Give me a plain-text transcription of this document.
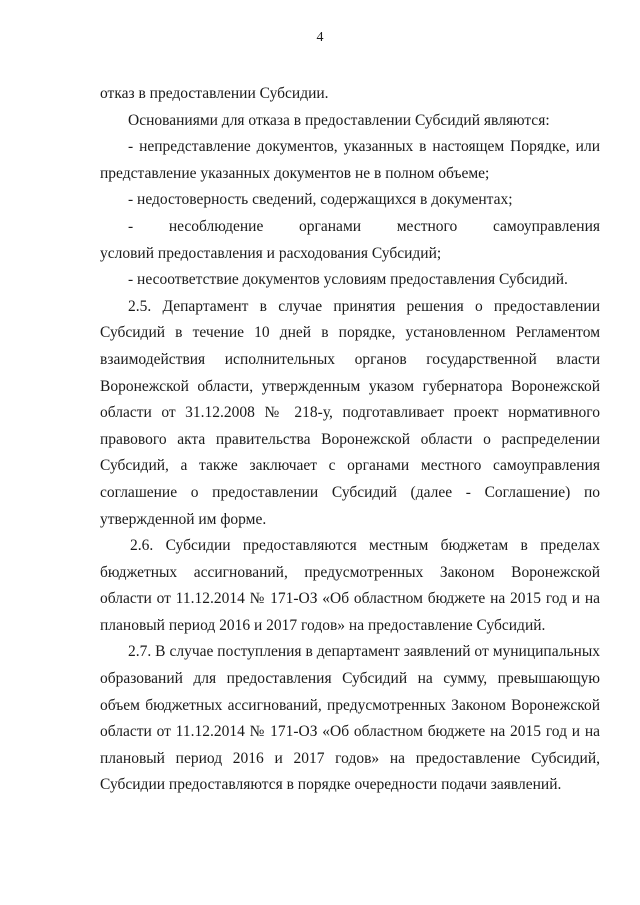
4

отказ в предоставлении Субсидии.

Основаниями для отказа в предоставлении Субсидий являются:

- непредставление документов, указанных в настоящем Порядке, или представление указанных документов не в полном объеме;

- недостоверность сведений, содержащихся в документах;

-      несоблюдение      органами      местного      самоуправления      условий предоставления и расходования Субсидий;

- несоответствие документов условиям предоставления Субсидий.

2.5. Департамент в случае принятия решения о предоставлении Субсидий в течение 10 дней в порядке, установленном Регламентом взаимодействия исполнительных органов государственной власти Воронежской области, утвержденным указом губернатора Воронежской области от 31.12.2008 № 218-у, подготавливает проект нормативного правового акта правительства Воронежской области о распределении Субсидий, а также заключает с органами местного самоуправления соглашение о предоставлении Субсидий (далее - Соглашение) по утвержденной им форме.

2.6. Субсидии предоставляются местным бюджетам в пределах бюджетных ассигнований, предусмотренных Законом Воронежской области от 11.12.2014 № 171-ОЗ «Об областном бюджете на 2015 год и на плановый период 2016 и 2017 годов» на предоставление Субсидий.

2.7. В случае поступления в департамент заявлений от муниципальных образований для предоставления Субсидий на сумму, превышающую объем бюджетных ассигнований, предусмотренных Законом Воронежской области от 11.12.2014 № 171-ОЗ «Об областном бюджете на 2015 год и на плановый период 2016 и 2017 годов» на предоставление Субсидий, Субсидии предоставляются в порядке очередности подачи заявлений.
